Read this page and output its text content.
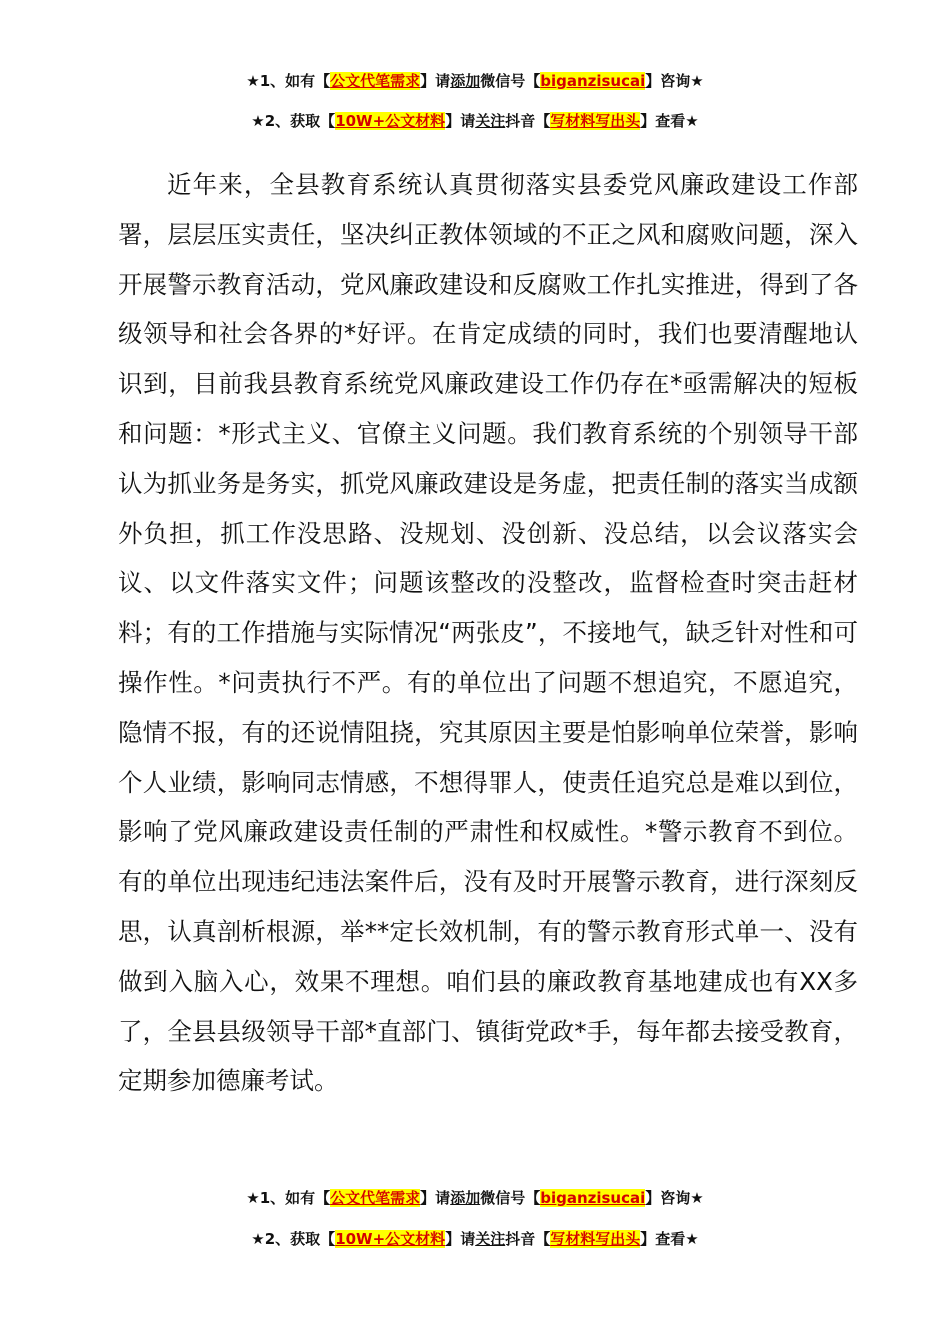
★1、如有【公文代笔需求】请添加微信号【biganzisucai】咨询★
★2、获取【10W+公文材料】请关注抖音【写材料写出头】查看★
近年来，全县教育系统认真贯彻落实县委党风廉政建设工作部署，层层压实责任，坚决纠正教体领域的不正之风和腐败问题，深入开展警示教育活动，党风廉政建设和反腐败工作扎实推进，得到了各级领导和社会各界的*好评。在肯定成绩的同时，我们也要清醒地认识到，目前我县教育系统党风廉政建设工作仍存在*亟需解决的短板和问题：*形式主义、官僚主义问题。我们教育系统的个别领导干部认为抓业务是务实，抓党风廉政建设是务虚，把责任制的落实当成额外负担，抓工作没思路、没规划、没创新、没总结，以会议落实会议、以文件落实文件；问题该整改的没整改，监督检查时突击赶材料；有的工作措施与实际情况“两张皮”，不接地气，缺乏针对性和可操作性。*问责执行不严。有的单位出了问题不想追究，不愿追究，隐情不报，有的还说情阻挠，究其原因主要是怕影响单位荣誉，影响个人业绩，影响同志情感，不想得罪人，使责任追究总是难以到位，影响了党风廉政建设责任制的严肃性和权威性。*警示教育不到位。有的单位出现违纪违法案件后，没有及时开展警示教育，进行深刻反思，认真剖析根源，举**定长效机制，有的警示教育形式单一、没有做到入脑入心，效果不理想。咱们县的廉政教育基地建成也有XX多了，全县县级领导干部*直部门、镇街党政*手，每年都去接受教育，定期参加德廉考试。
★1、如有【公文代笔需求】请添加微信号【biganzisucai】咨询★
★2、获取【10W+公文材料】请关注抖音【写材料写出头】查看★
